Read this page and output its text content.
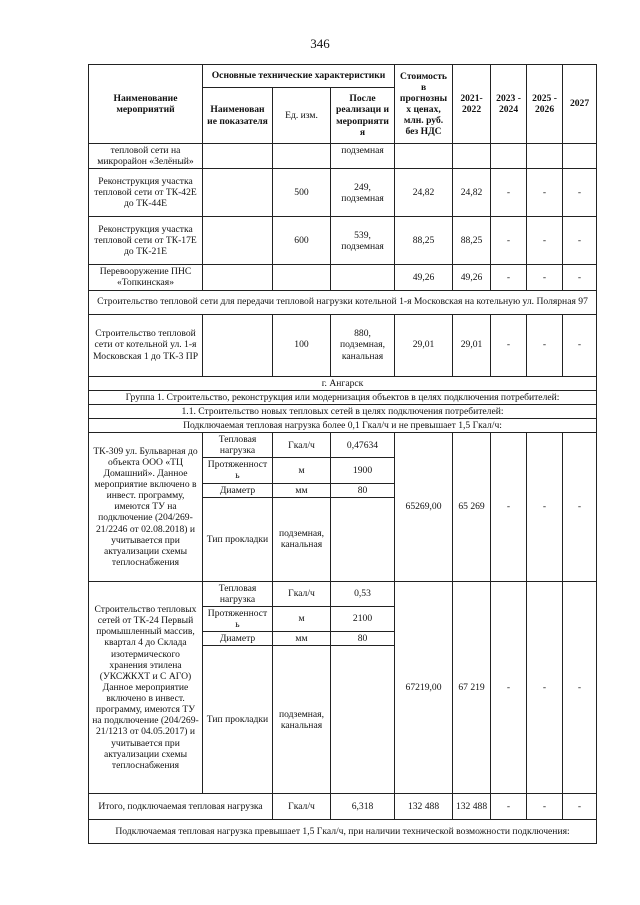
346
Наименование мероприятий	Основные технические характеристики			Стоимость в прогнозны х ценах, млн. руб. без НДС	2021-2022	2023 - 2024	2025 - 2026	2027
	Наименован ие показателя	Ед. изм.	После реализаци и мероприяти я					
тепловой сети на микрорайон «Зелёный»			подземная					
Реконструкция участка тепловой сети от ТК-42Е до ТК-44Е		500	249, подземная	24,82	24,82	-	-	-
Реконструкция участка тепловой сети от ТК-17Е до ТК-21Е		600	539, подземная	88,25	88,25	-	-	-
Перевооружение ПНС «Топкинская»				49,26	49,26	-	-	-
Строительство тепловой сети для передачи тепловой нагрузки котельной 1-я Московская на котельную ул. Полярная 97								
Строительство тепловой сети от котельной ул. 1-я Московская 1 до ТК-3 ПР		100	880, подземная, канальная	29,01	29,01	-	-	-
г. Ангарск								
Группа 1. Строительство, реконструкция или модернизация объектов в целях подключения потребителей:								
1.1. Строительство новых тепловых сетей в целях подключения потребителей:								
Подключаемая тепловая нагрузка более 0,1 Гкал/ч и не превышает 1,5 Гкал/ч:								
ТК-309 ул. Бульварная до объекта ООО «ТЦ Домашний». Данное мероприятие включено в инвест. программу, имеются ТУ на подключение (204/269-21/2246 от 02.08.2018) и учитывается при актуализации схемы теплоснабжения	Тепловая нагрузка	Гкал/ч	0,47634	65269,00	65 269	-	-	-
	Протяженност ь	м	1900					
	Диаметр	мм	80					
	Тип прокладки	подземная, канальная						
Строительство тепловых сетей от ТК-24 Первый промышленный массив, квартал 4 до Склада изотермического хранения этилена (УКСЖКХТ и С АГО) Данное мероприятие включено в инвест. программу, имеются ТУ на подключение (204/269-21/1213 от 04.05.2017) и учитывается при актуализации схемы теплоснабжения	Тепловая нагрузка	Гкал/ч	0,53	67219,00	67 219	-	-	-
	Протяженност ь	м	2100					
	Диаметр	мм	80					
	Тип прокладки	подземная, канальная						
Итого, подключаемая тепловая нагрузка		Гкал/ч	6,318	132 488	132 488	-	-	-
Подключаемая тепловая нагрузка превышает 1,5 Гкал/ч, при наличии технической возможности подключения:								
